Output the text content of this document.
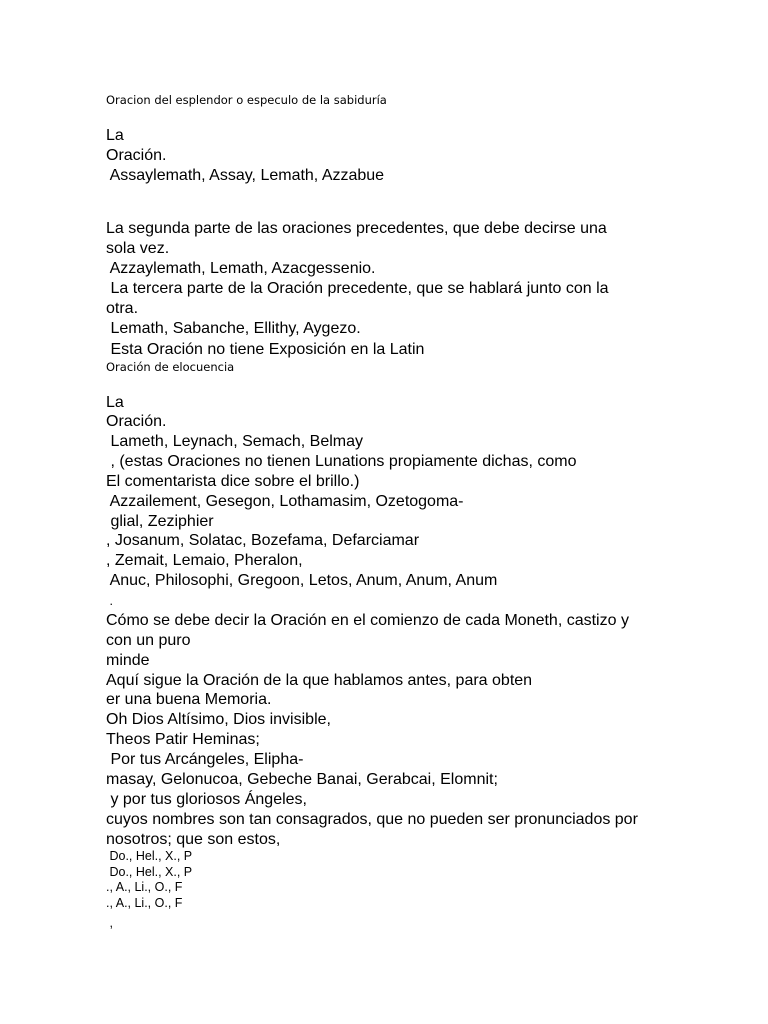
Oracion del esplendor o especulo de la sabiduría
La
Oración.
Assaylemath, Assay, Lemath, Azzabue
La segunda parte de las oraciones precedentes, que debe decirse una
sola vez.
Azzaylemath, Lemath, Azacgessenio.
La tercera parte de la Oración precedente, que se hablará junto con la
otra.
Lemath, Sabanche, Ellithy, Aygezo.
Esta Oración no tiene Exposición en la Latin
Oración de elocuencia
La
Oración.
Lameth, Leynach, Semach, Belmay
, (estas Oraciones no tienen Lunations propiamente dichas, como
El comentarista dice sobre el brillo.)
Azzailement, Gesegon, Lothamasim, Ozetogoma-
glial, Zeziphier
, Josanum, Solatac, Bozefama, Defarciamar
, Zemait, Lemaio, Pheralon,
Anuc, Philosophi, Gregoon, Letos, Anum, Anum, Anum
.
Cómo se debe decir la Oración en el comienzo de cada Moneth, castizo y
con un puro
minde
Aquí sigue la Oración de la que hablamos antes, para obten
er una buena Memoria.
Oh Dios Altísimo, Dios invisible,
Theos Patir Heminas;
Por tus Arcángeles, Elipha-
masay, Gelonucoa, Gebeche Banai, Gerabcai, Elomnit;
y por tus gloriosos Ángeles,
cuyos nombres son tan consagrados, que no pueden ser pronunciados por
nosotros; que son estos,
Do., Hel., X., P
Do., Hel., X., P
., A., Li., O., F
., A., Li., O., F
,
